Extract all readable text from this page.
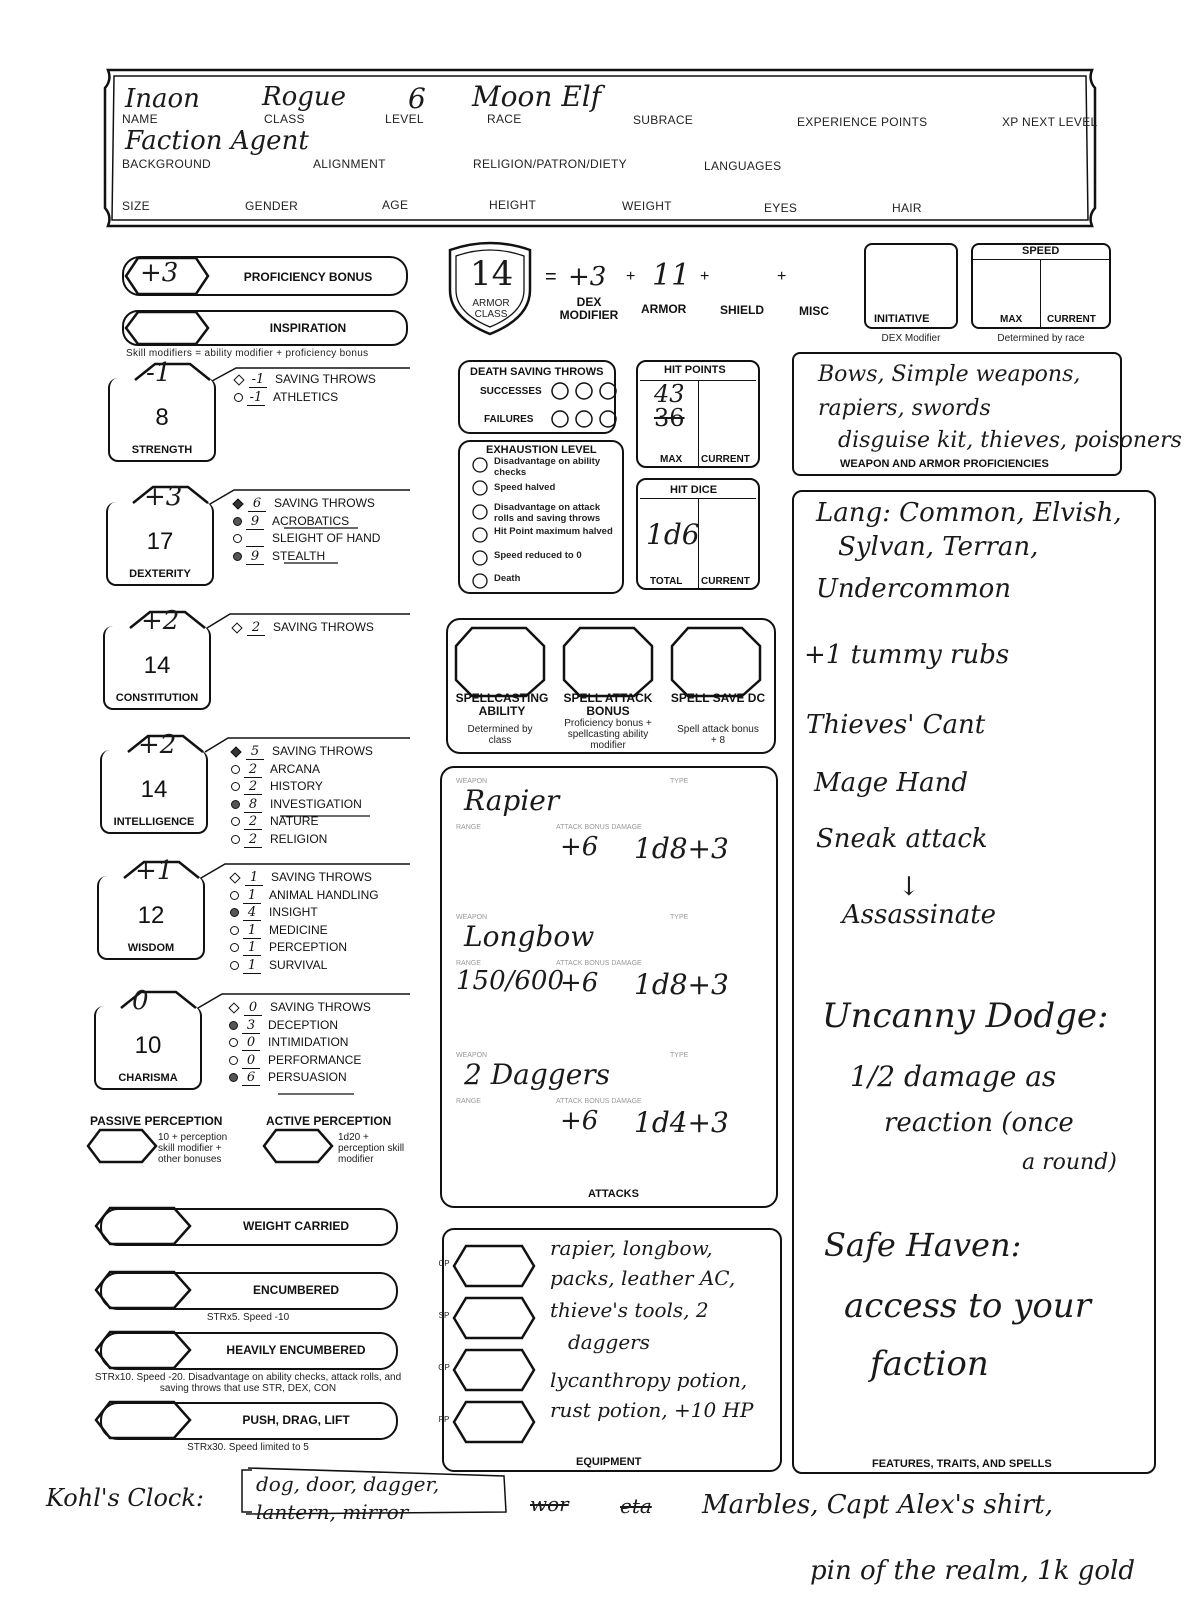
Inaon Rogue 6 Moon Elf
Faction Agent
NAME	CLASS	LEVEL	RACE	SUBRACE	EXPERIENCE POINTS	XP NEXT LEVEL
BACKGROUND	ALIGNMENT	RELIGION/PATRON/DIETY	LANGUAGES
SIZE	GENDER	AGE	HEIGHT	WEIGHT	EYES	HAIR
+3	PROFICIENCY BONUS
INSPIRATION
Skill modifiers = ability modifier + proficiency bonus
14
ARMOR CLASS
= +3 + 11 +	+
DEX MODIFIER	ARMOR	SHIELD	MISC
INITIATIVE
DEX Modifier
SPEED
MAX CURRENT
Determined by race
-1
8
STRENGTH
-1 SAVING THROWS
-1 ATHLETICS
+3
17
DEXTERITY
6 SAVING THROWS
9 ACROBATICS
SLEIGHT OF HAND
9 STEALTH
+2
14
CONSTITUTION
2 SAVING THROWS
+2
14
INTELLIGENCE
5 SAVING THROWS
2 ARCANA
2 HISTORY
8 INVESTIGATION
2 NATURE
2 RELIGION
+1
12
WISDOM
1 SAVING THROWS
1 ANIMAL HANDLING
4 INSIGHT
1 MEDICINE
1 PERCEPTION
1 SURVIVAL
0
10
CHARISMA
0 SAVING THROWS
3 DECEPTION
0 INTIMIDATION
0 PERFORMANCE
6 PERSUASION
PASSIVE PERCEPTION
10 + perception skill modifier + other bonuses
ACTIVE PERCEPTION
1d20 + perception skill modifier
WEIGHT CARRIED
ENCUMBERED
STRx5. Speed -10
HEAVILY ENCUMBERED
STRx10. Speed -20. Disadvantage on ability checks, attack rolls, and saving throws that use STR, DEX, CON
PUSH, DRAG, LIFT
STRx30. Speed limited to 5
DEATH SAVING THROWS
SUCCESSES
FAILURES
EXHAUSTION LEVEL
Disadvantage on ability checks
Speed halved
Disadvantage on attack rolls and saving throws
Hit Point maximum halved
Speed reduced to 0
Death
HIT POINTS
43
36
MAX CURRENT
HIT DICE
1d6
TOTAL CURRENT
SPELLCASTING ABILITY
Determined by class
SPELL ATTACK BONUS
Proficiency bonus + spellcasting ability modifier
SPELL SAVE DC
Spell attack bonus + 8
WEAPON	TYPE
Rapier
RANGE	ATTACK BONUS DAMAGE
+6 1d8+3
WEAPON	TYPE
Longbow
RANGE	ATTACK BONUS DAMAGE
150/600
+6 1d8+3
WEAPON	TYPE
2 Daggers
RANGE	ATTACK BONUS DAMAGE
+6 1d4+3
ATTACKS
CP
SP
GP
PP
rapier, longbow,
packs, leather AC,
thieve's tools, 2
daggers
lycanthropy potion,
rust potion, +10 HP
EQUIPMENT
Bows, Simple weapons,
rapiers, swords
disguise kit, thieves, poisoners
WEAPON AND ARMOR PROFICIENCIES
Lang: Common, Elvish,
Sylvan, Terran,
Undercommon
+1 tummy rubs
Thieves' Cant
Mage Hand
Sneak attack
↓
Assassinate
Uncanny Dodge:
1/2 damage as
reaction (once
a round)
Safe Haven:
access to your
faction
FEATURES, TRAITS, AND SPELLS
Kohl's Clock:	dog, door, dagger,
lantern, mirror	wor	eta Marbles, Capt Alex's shirt,
pin of the realm, 1k gold
